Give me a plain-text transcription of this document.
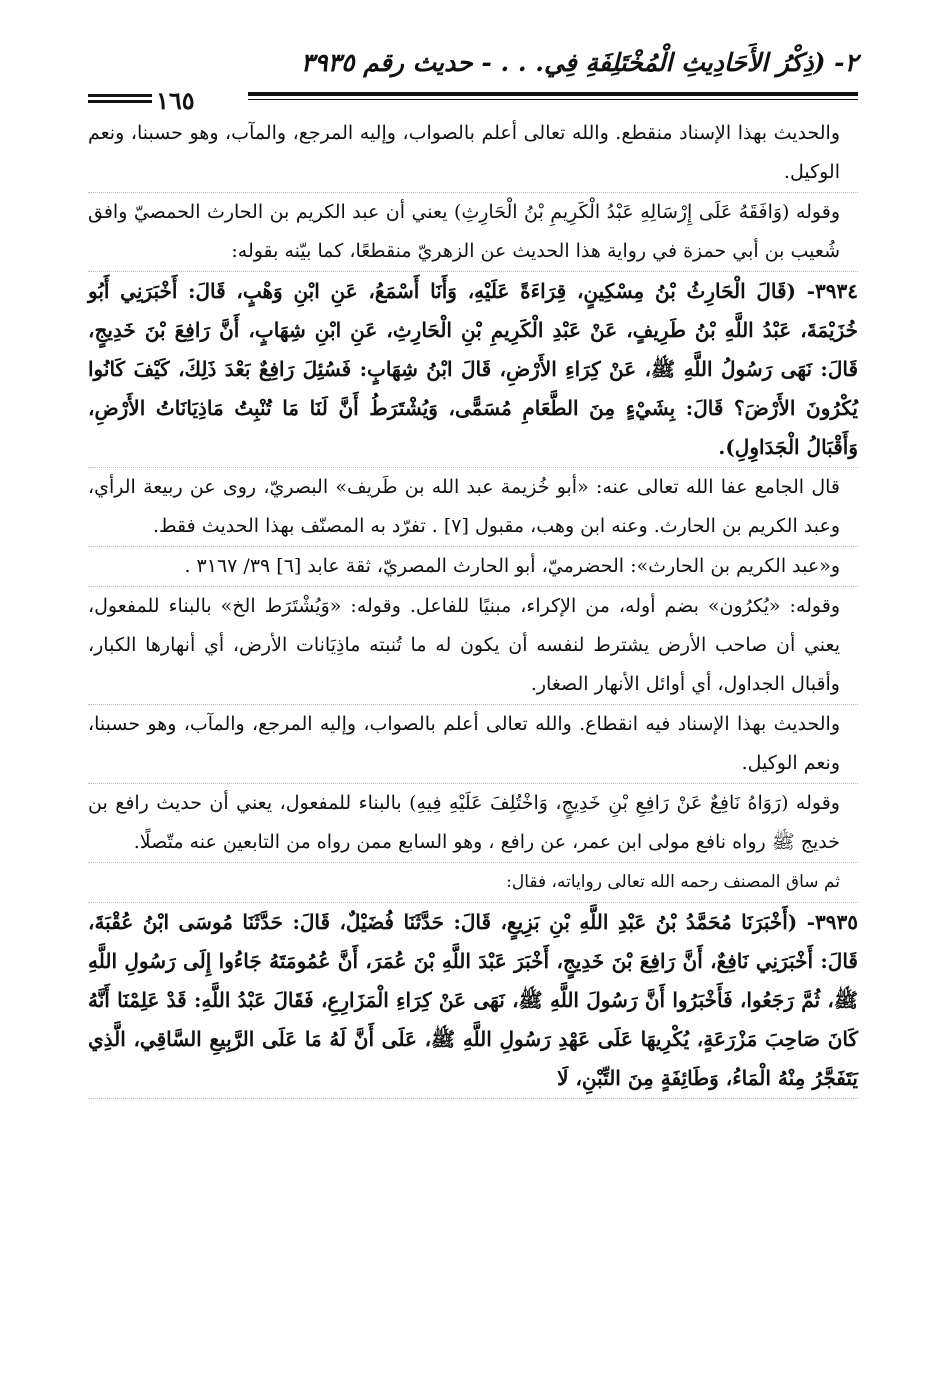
٢- (ذِكْرُ الأَحَادِيثِ الْمُخْتَلِفَةِ فِي. . . - حديث رقم ٣٩٣٥
١٦٥

والحديث بهذا الإسناد منقطع. والله تعالى أعلم بالصواب، وإليه المرجع، والمآب، وهو حسبنا، ونعم الوكيل.

وقوله (وَافَقَهُ عَلَى إِرْسَالِهِ عَبْدُ الْكَرِيمِ بْنُ الْحَارِثِ) يعني أن عبد الكريم بن الحارث الحمصيّ وافق شُعيب بن أبي حمزة في رواية هذا الحديث عن الزهريّ منقطعًا، كما بيّنه بقوله:

٣٩٣٤- (قَالَ الْحَارِثُ بْنُ مِسْكِينٍ، قِرَاءَةً عَلَيْهِ، وَأَنَا أَسْمَعُ، عَنِ ابْنِ وَهْبٍ، قَالَ: أَخْبَرَنِي أَبُو خُزَيْمَةَ، عَبْدُ اللَّهِ بْنُ طَرِيفٍ، عَنْ عَبْدِ الْكَرِيمِ بْنِ الْحَارِثِ، عَنِ ابْنِ شِهَابٍ، أَنَّ رَافِعَ بْنَ خَدِيجٍ، قَالَ: نَهَى رَسُولُ اللَّهِ ﷺ، عَنْ كِرَاءِ الأَرْضِ، قَالَ ابْنُ شِهَابٍ: فَسُئِلَ رَافِعٌ بَعْدَ ذَلِكَ، كَيْفَ كَانُوا يُكْرُونَ الأَرْضَ؟ قَالَ: بِشَيْءٍ مِنَ الطَّعَامِ مُسَمًّى، وَيُشْتَرَطُ أَنَّ لَنَا مَا تُنْبِتُ مَاذِيَانَاتُ الأَرْضِ، وَأَقْبَالُ الْجَدَاوِلِ).

قال الجامع عفا الله تعالى عنه: «أبو خُزيمة عبد الله بن طَريف» البصريّ، روى عن ربيعة الرأي، وعبد الكريم بن الحارث. وعنه ابن وهب، مقبول [٧] . تفرّد به المصنّف بهذا الحديث فقط.

و«عبد الكريم بن الحارث»: الحضرميّ، أبو الحارث المصريّ، ثقة عابد [٦] ٣٩/ ٣١٦٧ .

وقوله: «يُكرُون» بضم أوله، من الإكراء، مبنيًا للفاعل. وقوله: «وَيُشْتَرَط الخ» بالبناء للمفعول، يعني أن صاحب الأرض يشترط لنفسه أن يكون له ما تُنبته ماذِيَانات الأرض، أي أنهارها الكبار، وأقبال الجداول، أي أوائل الأنهار الصغار.

والحديث بهذا الإسناد فيه انقطاع. والله تعالى أعلم بالصواب، وإليه المرجع، والمآب، وهو حسبنا، ونعم الوكيل.

وقوله (رَوَاهُ نَافِعٌ عَنْ رَافِعِ بْنِ خَدِيجٍ، وَاخْتُلِفَ عَلَيْهِ فِيهِ) بالبناء للمفعول، يعني أن حديث رافع بن خديج ﷺ رواه نافع مولى ابن عمر، عن رافع ، وهو السابع ممن رواه من التابعين عنه متّصلًا.

ثم ساق المصنف رحمه الله تعالى رواياته، فقال:

٣٩٣٥- (أَخْبَرَنَا مُحَمَّدُ بْنُ عَبْدِ اللَّهِ بْنِ بَزِيعٍ، قَالَ: حَدَّثَنَا فُضَيْلٌ، قَالَ: حَدَّثَنَا مُوسَى ابْنُ عُقْبَةَ، قَالَ: أَخْبَرَنِي نَافِعٌ، أَنَّ رَافِعَ بْنَ خَدِيجٍ، أَخْبَرَ عَبْدَ اللَّهِ بْنَ عُمَرَ، أَنَّ عُمُومَتَهُ جَاءُوا إِلَى رَسُولِ اللَّهِ ﷺ، ثُمَّ رَجَعُوا، فَأَخْبَرُوا أَنَّ رَسُولَ اللَّهِ ﷺ، نَهَى عَنْ كِرَاءِ الْمَزَارِعِ، فَقَالَ عَبْدُ اللَّهِ: قَدْ عَلِمْنَا أَنَّهُ كَانَ صَاحِبَ مَزْرَعَةٍ، يُكْرِيهَا عَلَى عَهْدِ رَسُولِ اللَّهِ ﷺ، عَلَى أَنَّ لَهُ مَا عَلَى الرَّبِيعِ السَّاقِي، الَّذِي يَتَفَجَّرُ مِنْهُ الْمَاءُ، وَطَائِفَةٍ مِنَ التِّبْنِ، لَا
